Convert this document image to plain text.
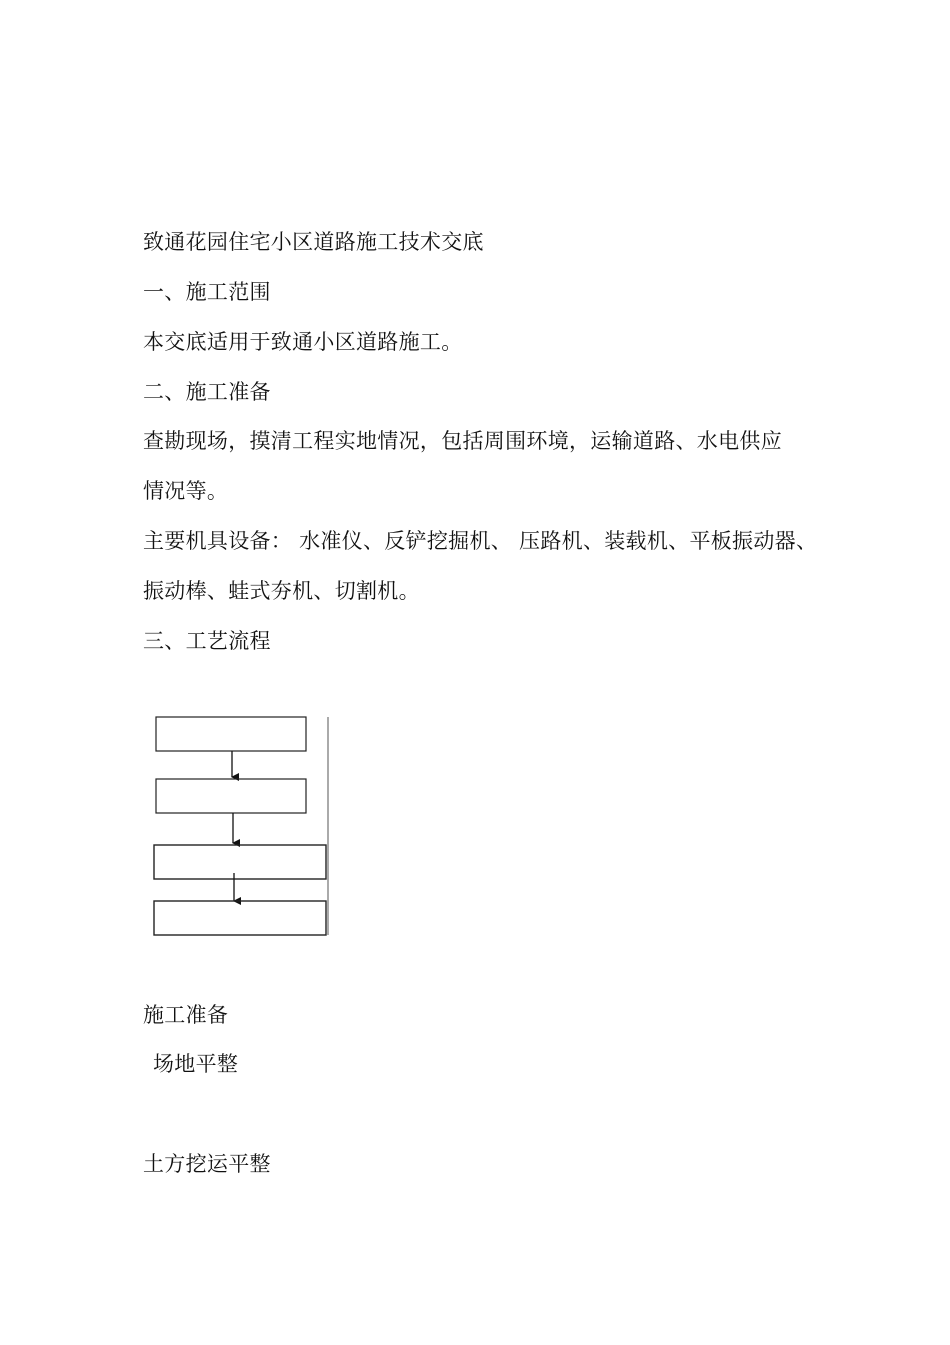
致通花园住宅小区道路施工技术交底
一、施工范围
本交底适用于致通小区道路施工。
二、施工准备
查勘现场，摸清工程实地情况，包括周围环境，运输道路、水电供应
情况等。
主要机具设备： 水准仪、反铲挖掘机、 压路机、装载机、平板振动器、
振动棒、蛙式夯机、切割机。
三、工艺流程
施工准备
场地平整
土方挖运平整
